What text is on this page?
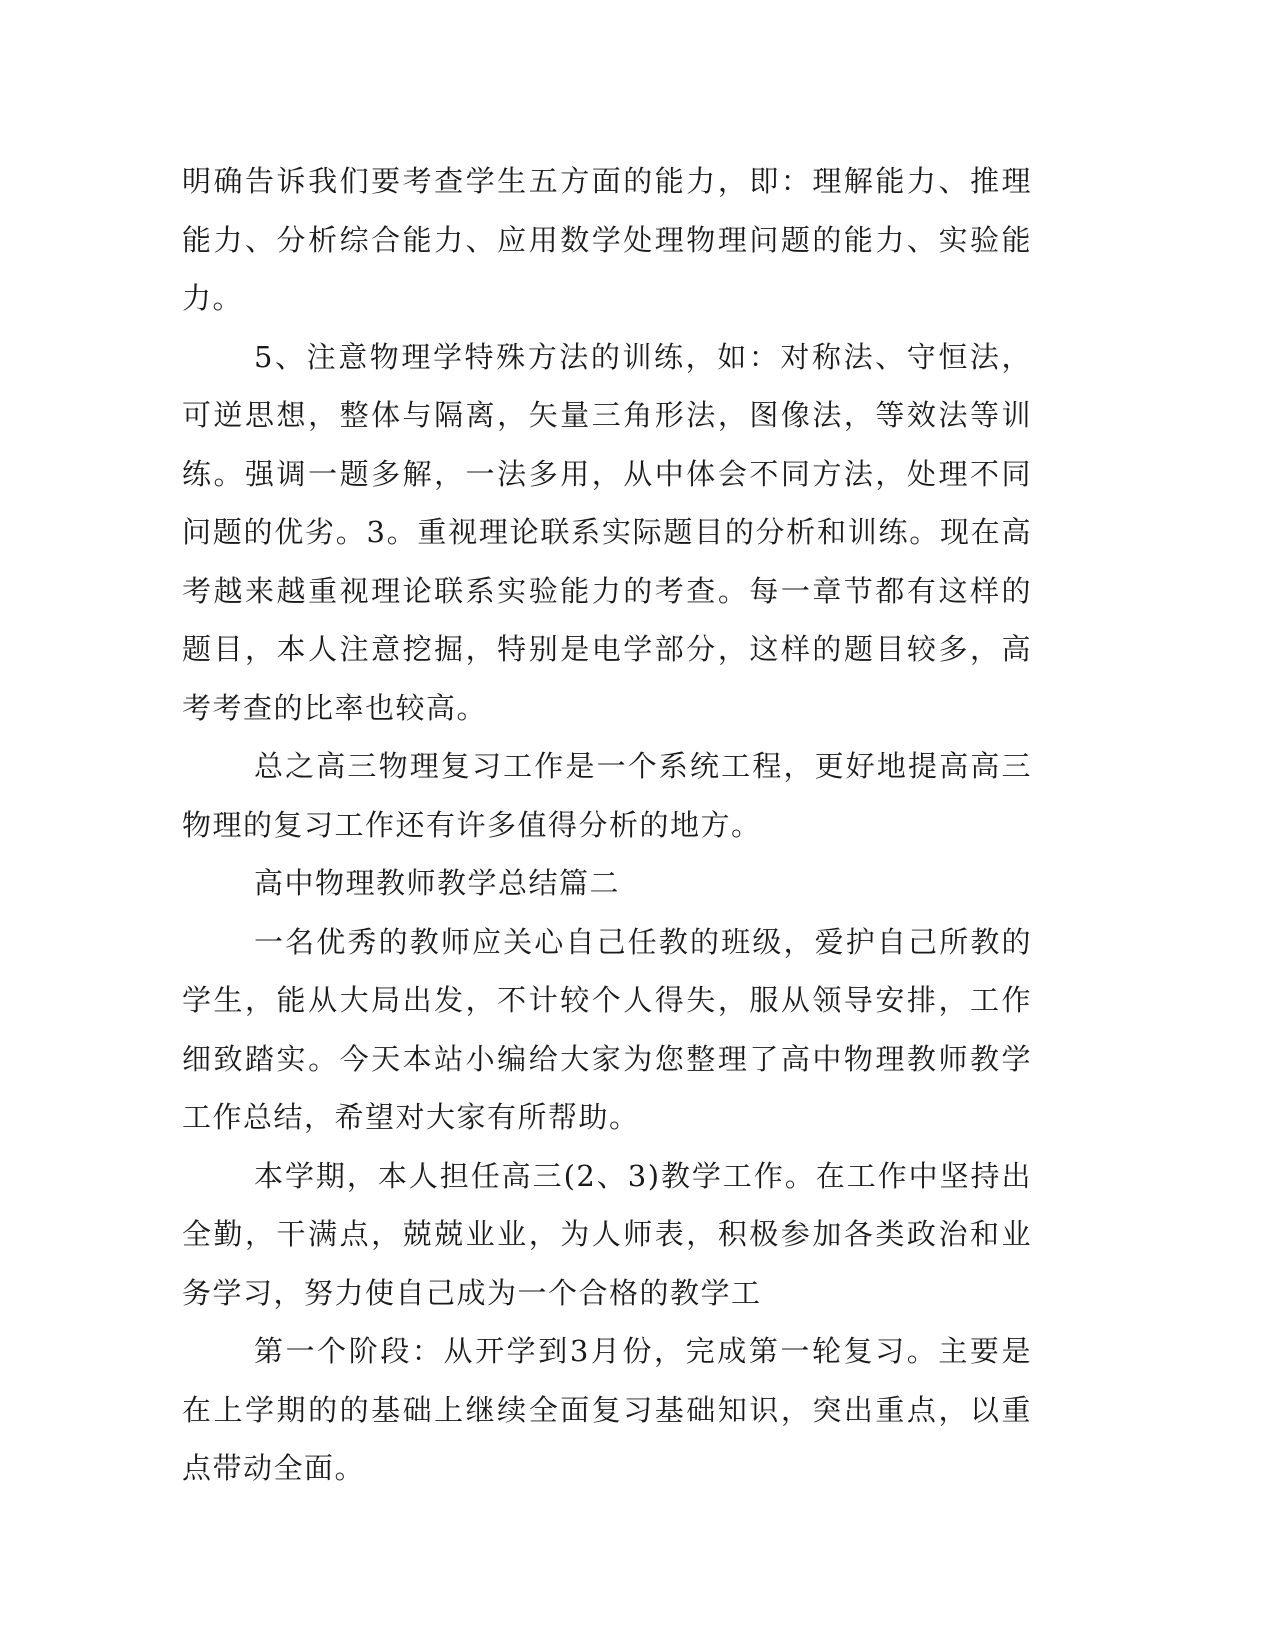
明确告诉我们要考查学生五方面的能力，即：理解能力、推理能力、分析综合能力、应用数学处理物理问题的能力、实验能力。

5、注意物理学特殊方法的训练，如：对称法、守恒法，可逆思想，整体与隔离，矢量三角形法，图像法，等效法等训练。强调一题多解，一法多用，从中体会不同方法，处理不同问题的优劣。3。重视理论联系实际题目的分析和训练。现在高考越来越重视理论联系实验能力的考查。每一章节都有这样的题目，本人注意挖掘，特别是电学部分，这样的题目较多，高考考查的比率也较高。

总之高三物理复习工作是一个系统工程，更好地提高高三物理的复习工作还有许多值得分析的地方。

高中物理教师教学总结篇二

一名优秀的教师应关心自己任教的班级，爱护自己所教的学生，能从大局出发，不计较个人得失，服从领导安排，工作细致踏实。今天本站小编给大家为您整理了高中物理教师教学工作总结，希望对大家有所帮助。

本学期，本人担任高三(2、3)教学工作。在工作中坚持出全勤，干满点，兢兢业业，为人师表，积极参加各类政治和业务学习，努力使自己成为一个合格的教学工

第一个阶段：从开学到3月份，完成第一轮复习。主要是在上学期的的基础上继续全面复习基础知识，突出重点，以重点带动全面。
